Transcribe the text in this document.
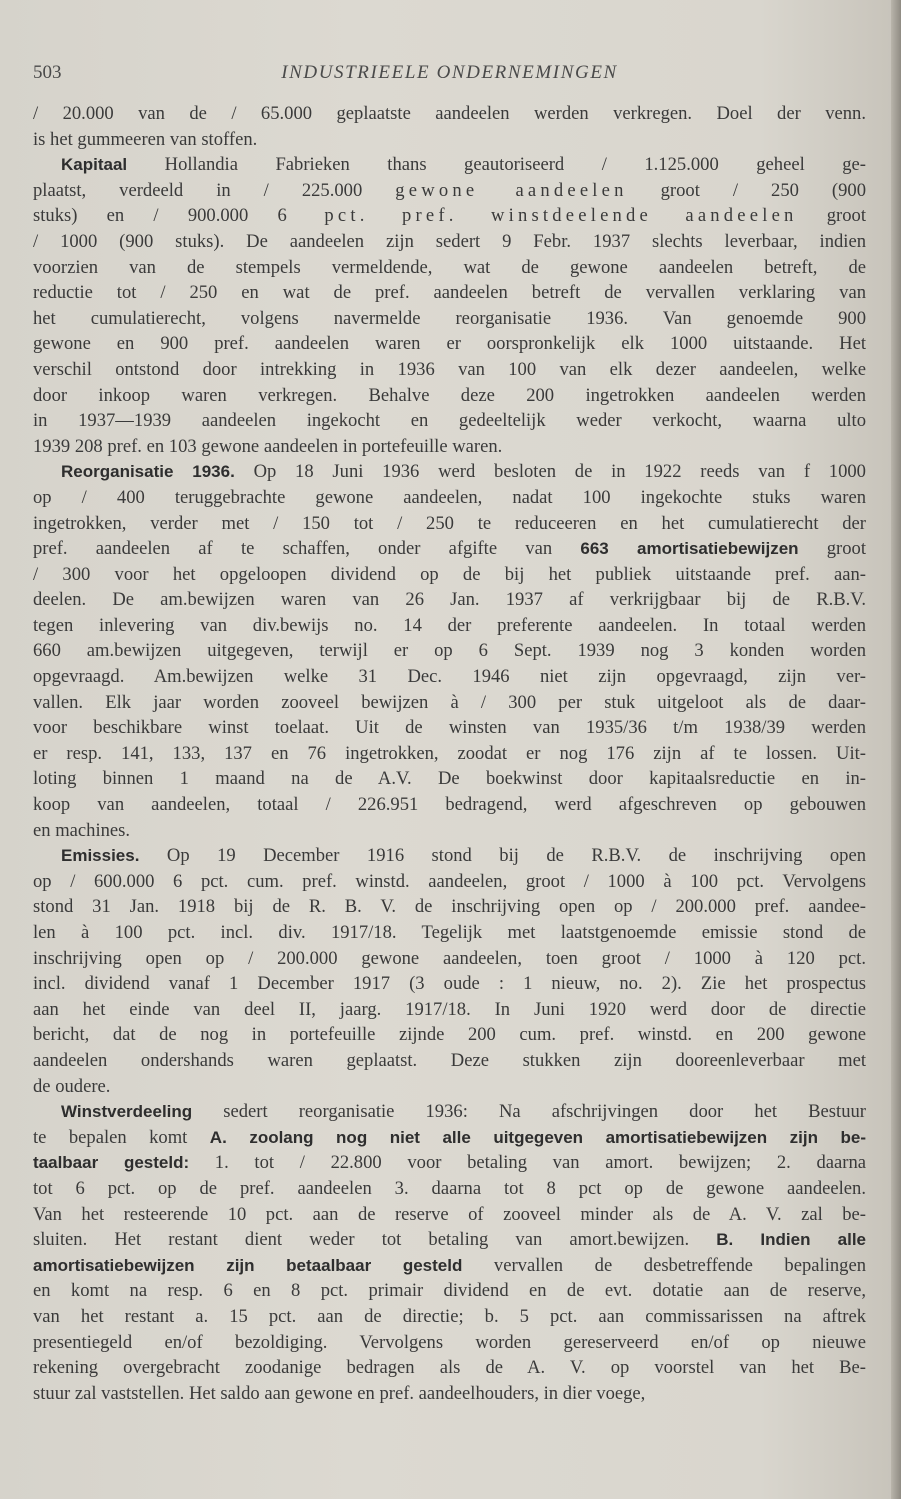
503	INDUSTRIEELE ONDERNEMINGEN
/ 20.000 van de / 65.000 geplaatste aandeelen werden verkregen. Doel der venn.
is het gummeeren van stoffen.
Kapitaal Hollandia Fabrieken thans geautoriseerd / 1.125.000 geheel ge-
plaatst, verdeeld in / 225.000 gewone aandeelen groot / 250 (900
stuks) en / 900.000 6 pct. pref. winstdeelende aandeelen groot
/ 1000 (900 stuks). De aandeelen zijn sedert 9 Febr. 1937 slechts leverbaar, indien
voorzien van de stempels vermeldende, wat de gewone aandeelen betreft, de
reductie tot / 250 en wat de pref. aandeelen betreft de vervallen verklaring van
het cumulatierecht, volgens navermelde reorganisatie 1936. Van genoemde 900
gewone en 900 pref. aandeelen waren er oorspronkelijk elk 1000 uitstaande. Het
verschil ontstond door intrekking in 1936 van 100 van elk dezer aandeelen, welke
door inkoop waren verkregen. Behalve deze 200 ingetrokken aandeelen werden
in 1937—1939 aandeelen ingekocht en gedeeltelijk weder verkocht, waarna ulto
1939 208 pref. en 103 gewone aandeelen in portefeuille waren.
Reorganisatie 1936. Op 18 Juni 1936 werd besloten de in 1922 reeds van f 1000
op / 400 teruggebrachte gewone aandeelen, nadat 100 ingekochte stuks waren
ingetrokken, verder met / 150 tot / 250 te reduceeren en het cumulatierecht der
pref. aandeelen af te schaffen, onder afgifte van 663 amortisatiebewijzen groot
/ 300 voor het opgeloopen dividend op de bij het publiek uitstaande pref. aan-
deelen. De am.bewijzen waren van 26 Jan. 1937 af verkrijgbaar bij de R.B.V.
tegen inlevering van div.bewijs no. 14 der preferente aandeelen. In totaal werden
660 am.bewijzen uitgegeven, terwijl er op 6 Sept. 1939 nog 3 konden worden
opgevraagd. Am.bewijzen welke 31 Dec. 1946 niet zijn opgevraagd, zijn ver-
vallen. Elk jaar worden zooveel bewijzen à / 300 per stuk uitgeloot als de daar-
voor beschikbare winst toelaat. Uit de winsten van 1935/36 t/m 1938/39 werden
er resp. 141, 133, 137 en 76 ingetrokken, zoodat er nog 176 zijn af te lossen. Uit-
loting binnen 1 maand na de A.V. De boekwinst door kapitaalsreductie en in-
koop van aandeelen, totaal / 226.951 bedragend, werd afgeschreven op gebouwen
en machines.
Emissies. Op 19 December 1916 stond bij de R.B.V. de inschrijving open
op / 600.000 6 pct. cum. pref. winstd. aandeelen, groot / 1000 à 100 pct. Vervolgens
stond 31 Jan. 1918 bij de R. B. V. de inschrijving open op / 200.000 pref. aandee-
len à 100 pct. incl. div. 1917/18. Tegelijk met laatstgenoemde emissie stond de
inschrijving open op / 200.000 gewone aandeelen, toen groot / 1000 à 120 pct.
incl. dividend vanaf 1 December 1917 (3 oude : 1 nieuw, no. 2). Zie het prospectus
aan het einde van deel II, jaarg. 1917/18. In Juni 1920 werd door de directie
bericht, dat de nog in portefeuille zijnde 200 cum. pref. winstd. en 200 gewone
aandeelen ondershands waren geplaatst. Deze stukken zijn dooreenleverbaar met
de oudere.
Winstverdeeling sedert reorganisatie 1936: Na afschrijvingen door het Bestuur
te bepalen komt A. zoolang nog niet alle uitgegeven amortisatiebewijzen zijn be-
taalbaar gesteld: 1. tot / 22.800 voor betaling van amort. bewijzen; 2. daarna
tot 6 pct. op de pref. aandeelen 3. daarna tot 8 pct op de gewone aandeelen.
Van het resteerende 10 pct. aan de reserve of zooveel minder als de A. V. zal be-
sluiten. Het restant dient weder tot betaling van amort.bewijzen. B. Indien alle
amortisatiebewijzen zijn betaalbaar gesteld vervallen de desbetreffende bepalingen
en komt na resp. 6 en 8 pct. primair dividend en de evt. dotatie aan de reserve,
van het restant a. 15 pct. aan de directie; b. 5 pct. aan commissarissen na aftrek
presentiegeld en/of bezoldiging. Vervolgens worden gereserveerd en/of op nieuwe
rekening overgebracht zoodanige bedragen als de A. V. op voorstel van het Be-
stuur zal vaststellen. Het saldo aan gewone en pref. aandeelhouders, in dier voege,
